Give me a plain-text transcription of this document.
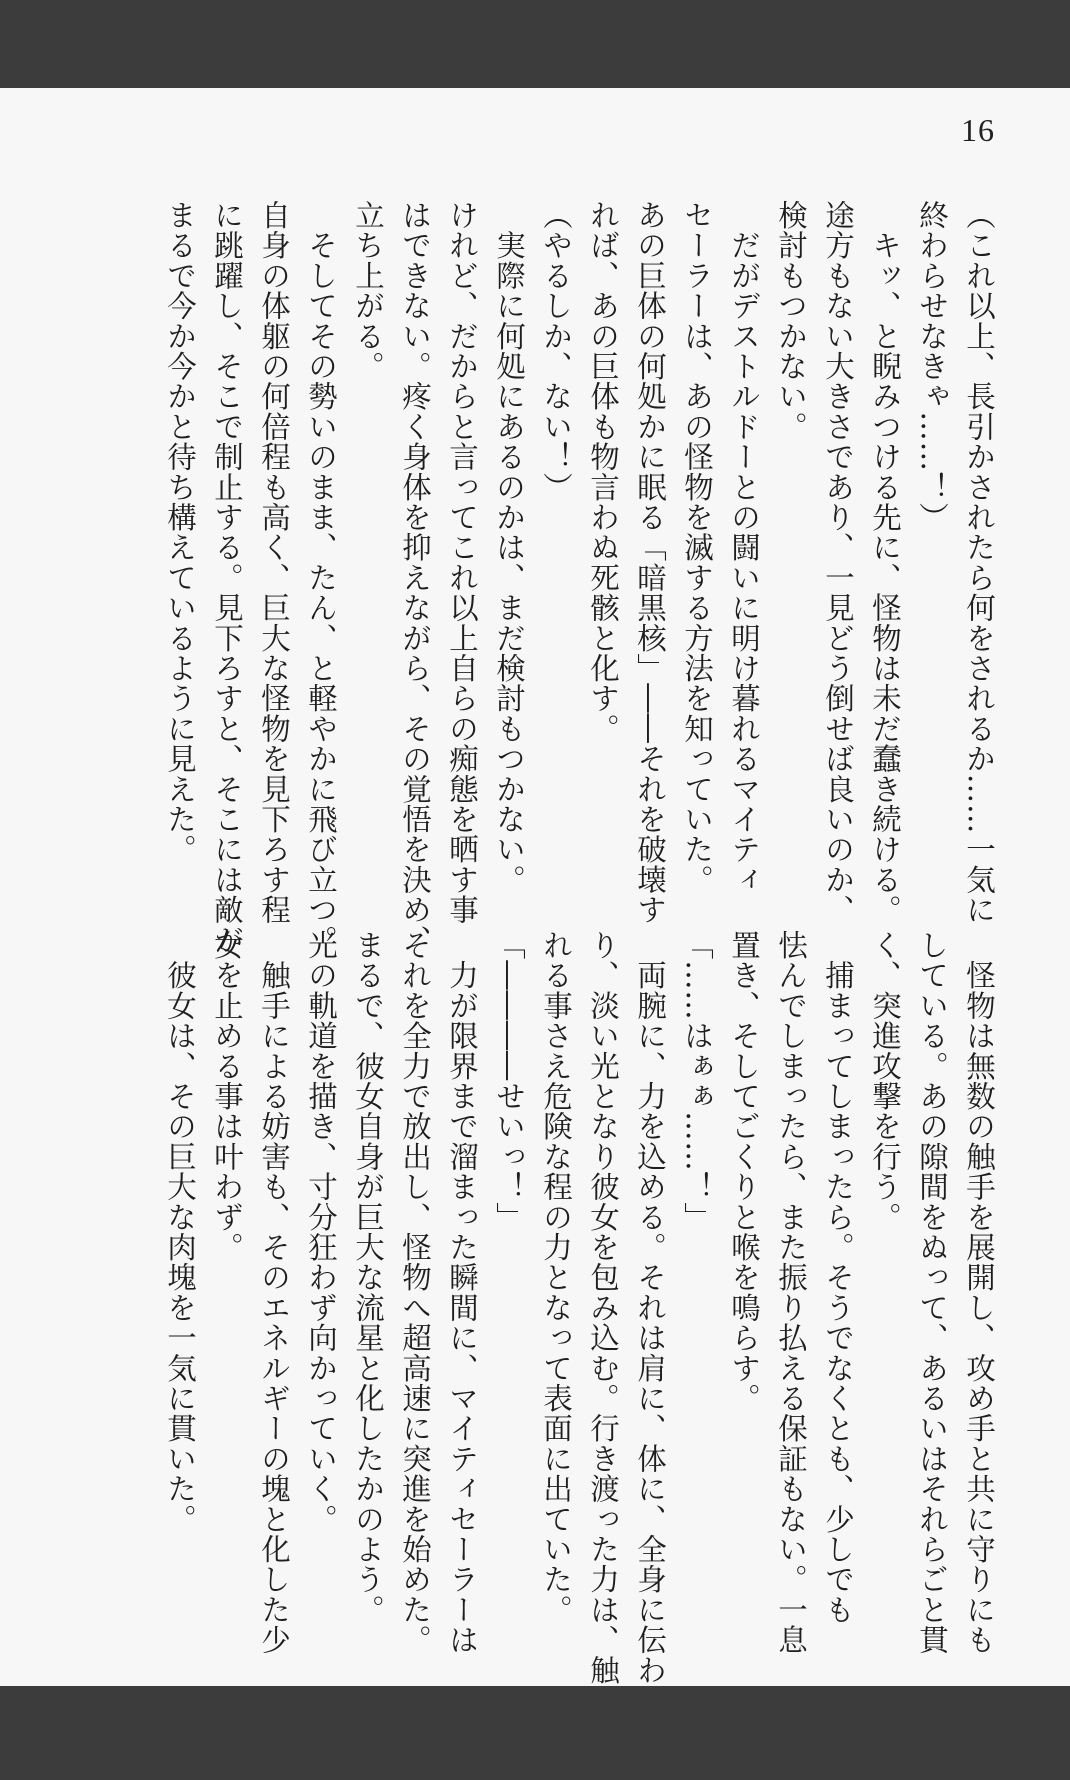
16
（これ以上、長引かされたら何をされるか……一気に
終わらせなきゃ……！）
　キッ、と睨みつける先に、怪物は未だ蠢き続ける。
途方もない大きさであり、一見どう倒せば良いのか、
検討もつかない。
　だがデストルドーとの闘いに明け暮れるマイティ
セーラーは、あの怪物を滅する方法を知っていた。
あの巨体の何処かに眠る「暗黒核」――それを破壊す
れば、あの巨体も物言わぬ死骸と化す。
（やるしか、ない！）
　実際に何処にあるのかは、まだ検討もつかない。
けれど、だからと言ってこれ以上自らの痴態を晒す事
はできない。疼く身体を抑えながら、その覚悟を決め、
立ち上がる。
　そしてその勢いのまま、たん、と軽やかに飛び立つ。
自身の体躯の何倍程も高く、巨大な怪物を見下ろす程
に跳躍し、そこで制止する。見下ろすと、そこには敵が
まるで今か今かと待ち構えているように見えた。
　怪物は無数の触手を展開し、攻め手と共に守りにも
している。あの隙間をぬって、あるいはそれらごと貫
く、突進攻撃を行う。
　捕まってしまったら。そうでなくとも、少しでも
怯んでしまったら、また振り払える保証もない。一息
置き、そしてごくりと喉を鳴らす。
「……はぁぁ……！」
　両腕に、力を込める。それは肩に、体に、全身に伝わ
り、淡い光となり彼女を包み込む。行き渡った力は、触
れる事さえ危険な程の力となって表面に出ていた。
「――――せいっ！」
　力が限界まで溜まった瞬間に、マイティセーラーは
それを全力で放出し、怪物へ超高速に突進を始めた。
まるで、彼女自身が巨大な流星と化したかのよう。
光の軌道を描き、寸分狂わず向かっていく。
　触手による妨害も、そのエネルギーの塊と化した少
女を止める事は叶わず。
　彼女は、その巨大な肉塊を一気に貫いた。
